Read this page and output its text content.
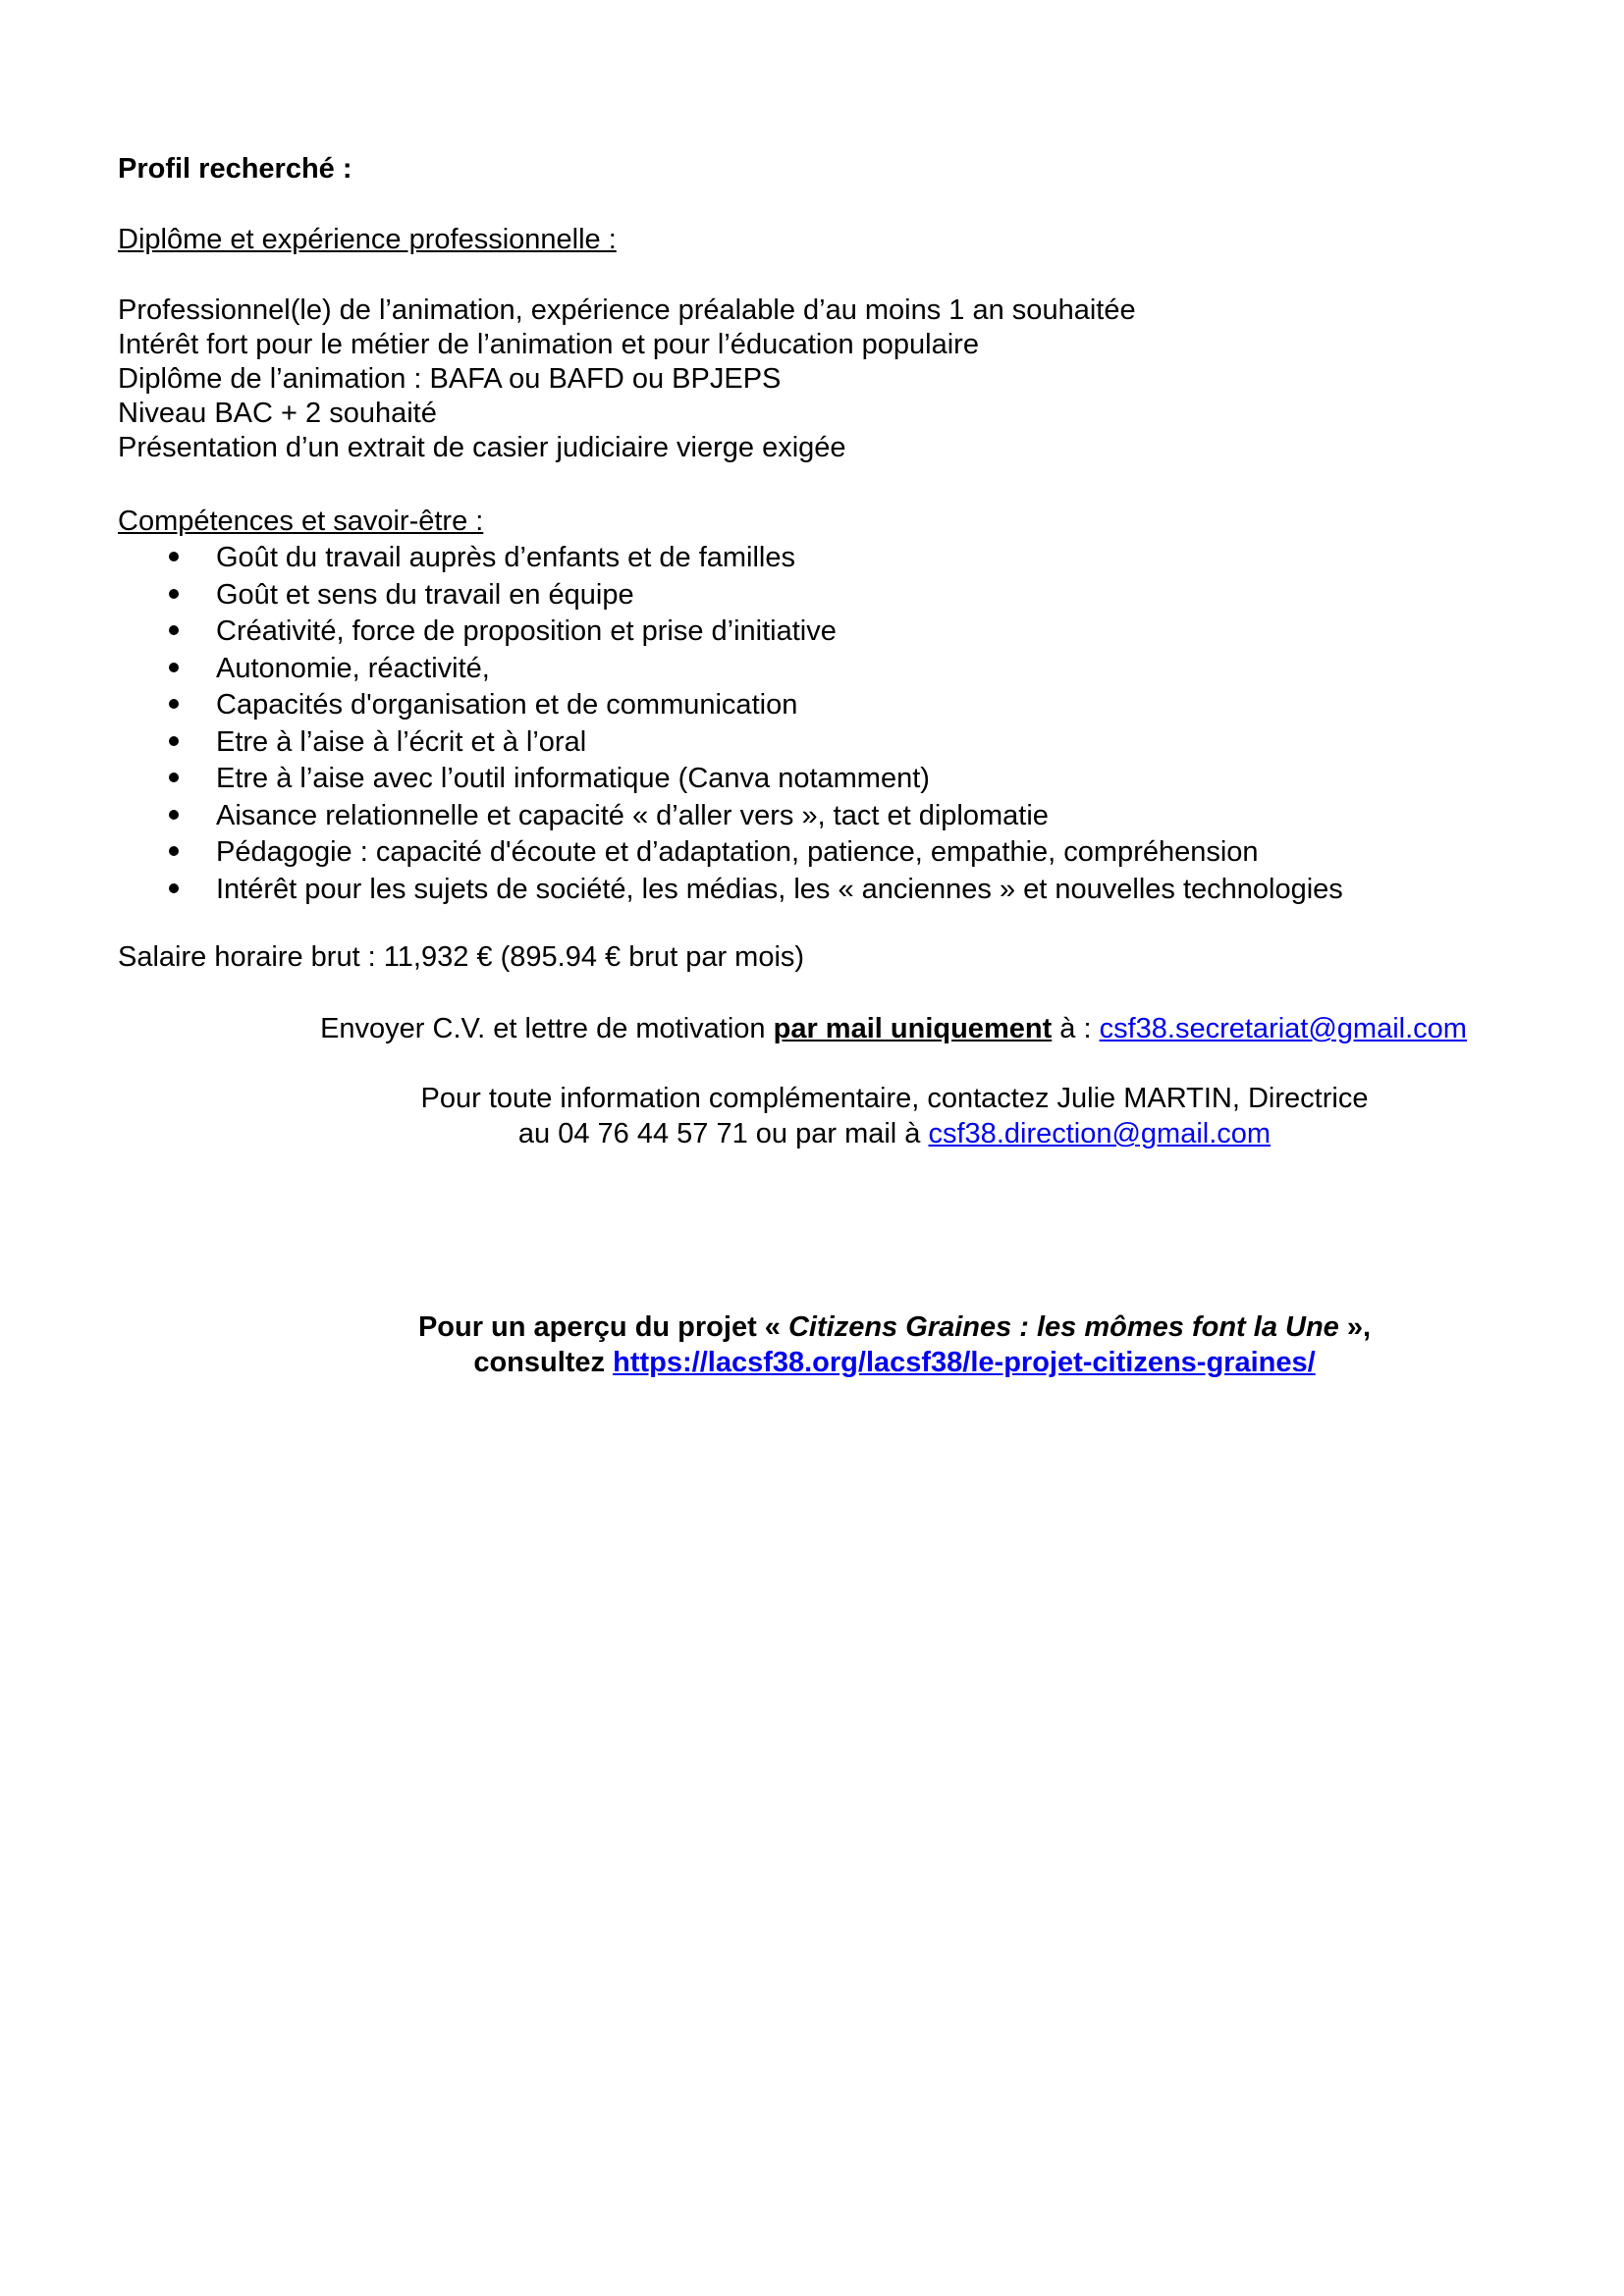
Profil recherché :
Diplôme et expérience professionnelle :
Professionnel(le) de l’animation, expérience préalable d’au moins 1 an souhaitée
Intérêt fort pour le métier de l’animation et pour l’éducation populaire
Diplôme de l’animation : BAFA ou BAFD ou BPJEPS
Niveau BAC + 2 souhaité
Présentation d’un extrait de casier judiciaire vierge exigée
Compétences et savoir-être :
Goût du travail auprès d’enfants et de familles
Goût et sens du travail en équipe
Créativité, force de proposition et prise d’initiative
Autonomie, réactivité,
Capacités d'organisation et de communication
Etre à l’aise à l’écrit et à l’oral
Etre à l’aise avec l’outil informatique (Canva notamment)
Aisance relationnelle et capacité « d’aller vers », tact et diplomatie
Pédagogie : capacité d'écoute et d’adaptation, patience, empathie, compréhension
Intérêt pour les sujets de société, les médias, les « anciennes » et nouvelles technologies
Salaire horaire brut : 11,932 € (895.94 € brut par mois)
Envoyer C.V. et lettre de motivation par mail uniquement à : csf38.secretariat@gmail.com
Pour toute information complémentaire, contactez Julie MARTIN, Directrice
au 04 76 44 57 71 ou par mail à csf38.direction@gmail.com
Pour un aperçu du projet « Citizens Graines : les mômes font la Une »,
consultez https://lacsf38.org/lacsf38/le-projet-citizens-graines/
